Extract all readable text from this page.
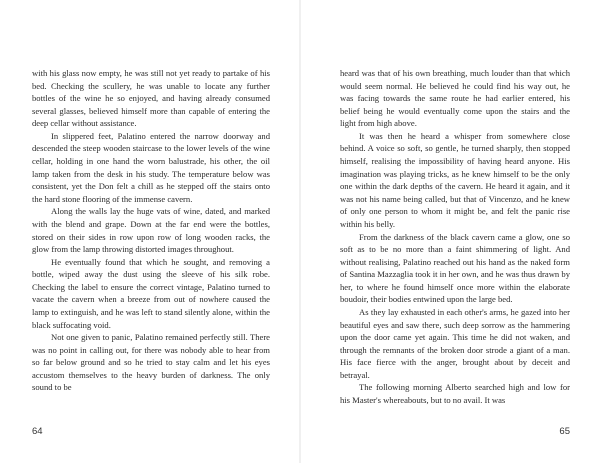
with his glass now empty, he was still not yet ready to partake of his bed. Checking the scullery, he was unable to locate any further bottles of the wine he so enjoyed, and having already consumed several glasses, believed himself more than capable of entering the deep cellar without assistance.

In slippered feet, Palatino entered the narrow doorway and descended the steep wooden staircase to the lower levels of the wine cellar, holding in one hand the worn balustrade, his other, the oil lamp taken from the desk in his study. The temperature below was consistent, yet the Don felt a chill as he stepped off the stairs onto the hard stone flooring of the immense cavern.

Along the walls lay the huge vats of wine, dated, and marked with the blend and grape. Down at the far end were the bottles, stored on their sides in row upon row of long wooden racks, the glow from the lamp throwing distorted images throughout.

He eventually found that which he sought, and removing a bottle, wiped away the dust using the sleeve of his silk robe. Checking the label to ensure the correct vintage, Palatino turned to vacate the cavern when a breeze from out of nowhere caused the lamp to extinguish, and he was left to stand silently alone, within the black suffocating void.

Not one given to panic, Palatino remained perfectly still. There was no point in calling out, for there was nobody able to hear from so far below ground and so he tried to stay calm and let his eyes accustom themselves to the heavy burden of darkness. The only sound to be

64

heard was that of his own breathing, much louder than that which would seem normal. He believed he could find his way out, he was facing towards the same route he had earlier entered, his belief being he would eventually come upon the stairs and the light from high above.

It was then he heard a whisper from somewhere close behind. A voice so soft, so gentle, he turned sharply, then stopped himself, realising the impossibility of having heard anyone. His imagination was playing tricks, as he knew himself to be the only one within the dark depths of the cavern. He heard it again, and it was not his name being called, but that of Vincenzo, and he knew of only one person to whom it might be, and felt the panic rise within his belly.

From the darkness of the black cavern came a glow, one so soft as to be no more than a faint shimmering of light. And without realising, Palatino reached out his hand as the naked form of Santina Mazzaglia took it in her own, and he was thus drawn by her, to where he found himself once more within the elaborate boudoir, their bodies entwined upon the large bed.

As they lay exhausted in each other's arms, he gazed into her beautiful eyes and saw there, such deep sorrow as the hammering upon the door came yet again. This time he did not waken, and through the remnants of the broken door strode a giant of a man. His face fierce with the anger, brought about by deceit and betrayal.

The following morning Alberto searched high and low for his Master's whereabouts, but to no avail. It was

65
